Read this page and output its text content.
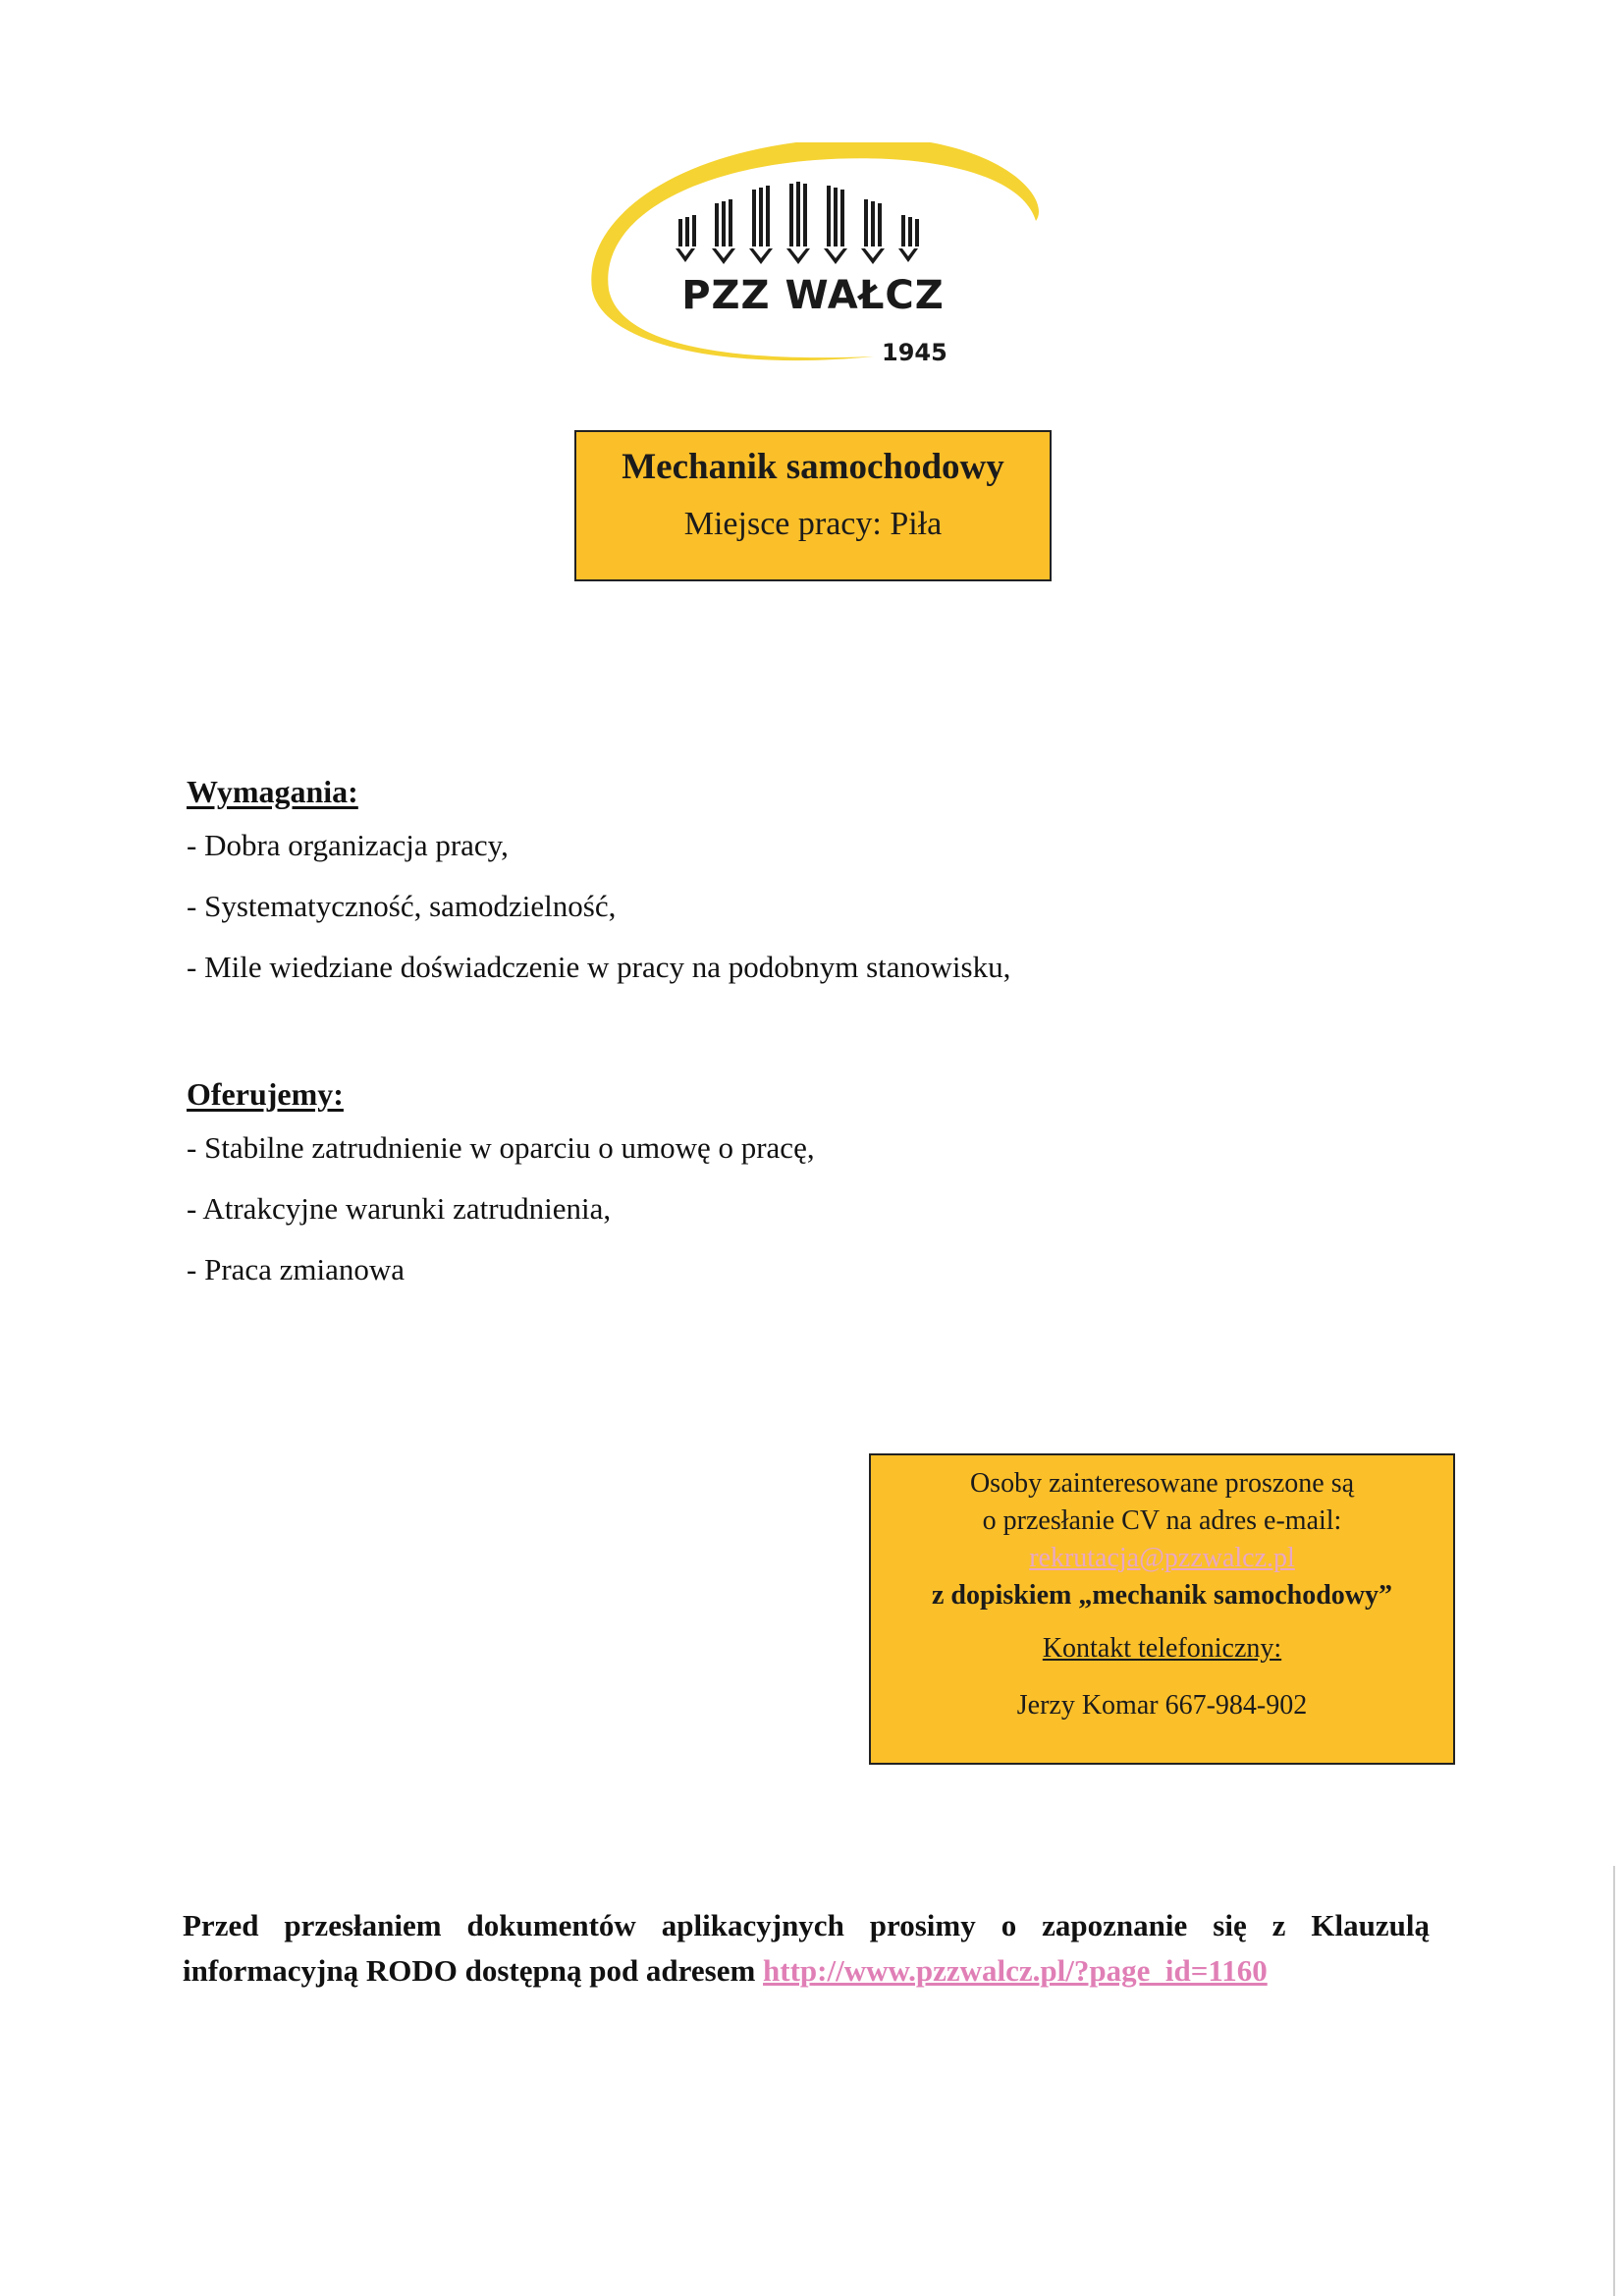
PZZ WAŁCZ
1945
Mechanik samochodowy
Miejsce pracy: Piła
Wymagania:
- Dobra organizacja pracy,
- Systematyczność, samodzielność,
- Mile wiedziane doświadczenie w pracy na podobnym stanowisku,
Oferujemy:
- Stabilne zatrudnienie w oparciu o umowę o pracę,
- Atrakcyjne warunki zatrudnienia,
- Praca zmianowa
Osoby zainteresowane proszone są
o przesłanie CV na adres e-mail:
rekrutacja@pzzwalcz.pl
z dopiskiem „mechanik samochodowy”
Kontakt telefoniczny:
Jerzy Komar 667-984-902
Przed przesłaniem dokumentów aplikacyjnych prosimy o zapoznanie się z Klauzulą informacyjną RODO dostępną pod adresem http://www.pzzwalcz.pl/?page_id=1160
